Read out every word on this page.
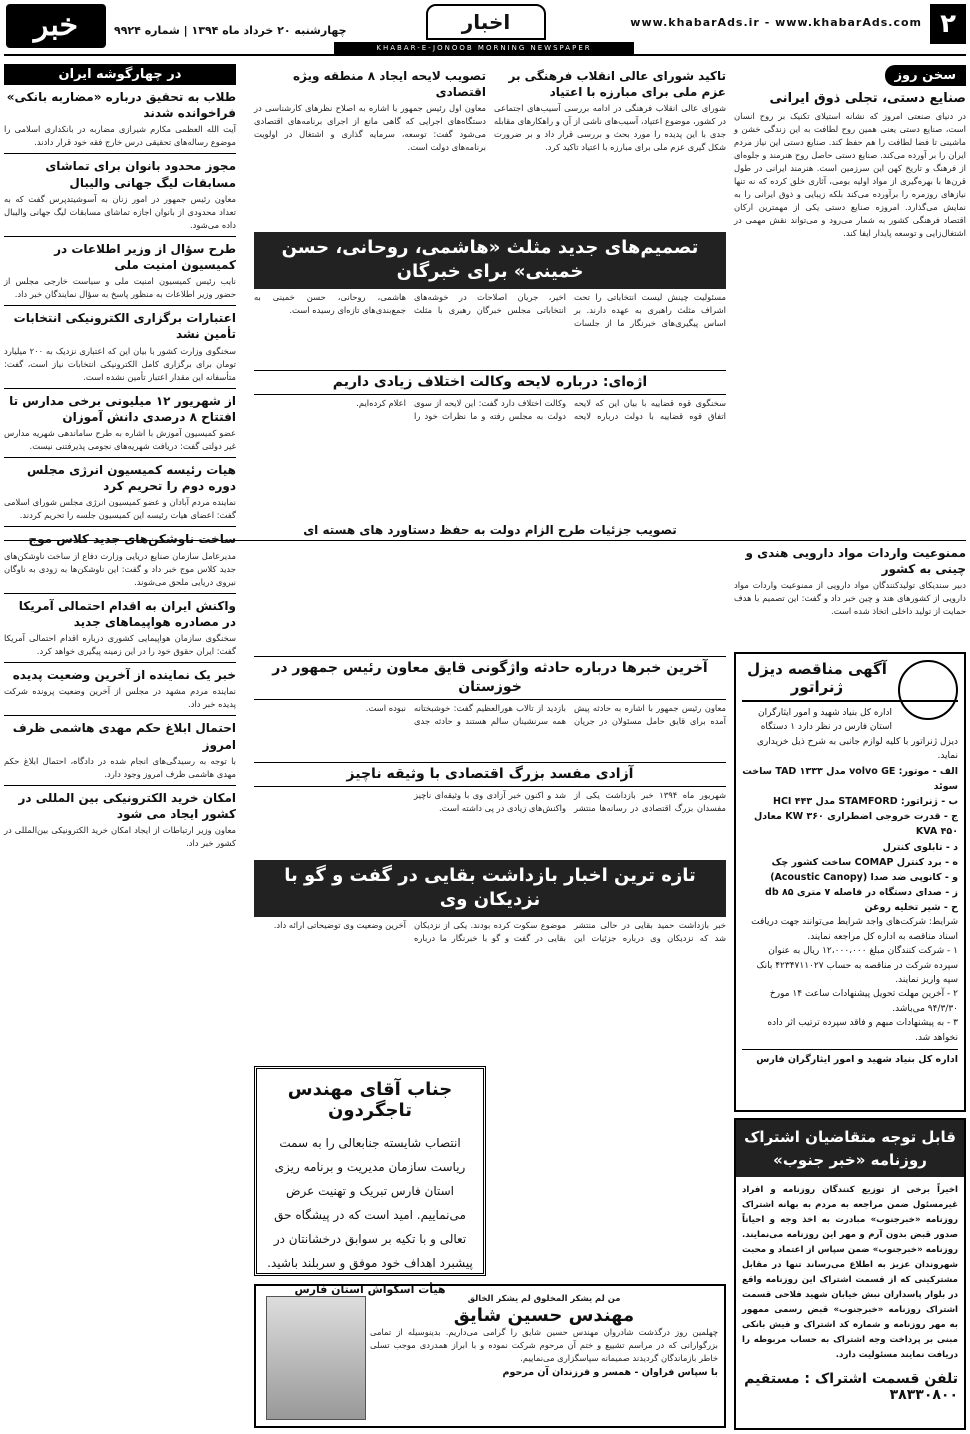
۲
www.khabarAds.ir - www.khabarAds.com
اخبار
KHABAR-E-JONOOB MORNING NEWSPAPER
چهارشنبه ۲۰ خرداد ماه ۱۳۹۴ | شماره ۹۹۲۴
خبر
سخن روز
صنایع دستی، تجلی ذوق ایرانی
در دنیای صنعتی امروز که نشانه استیلای تکنیک بر روح انسان است، صنایع دستی یعنی همین روح لطافت به این زندگی خشن و ماشینی تا فضا لطافت را هم حفظ کند. صنایع دستی این نیاز مردم ایران را بر آورده می‌کند. صنایع دستی حاصل روح هنرمند و جلوه‌ای از فرهنگ و تاریخ کهن این سرزمین است. هنرمند ایرانی در طول قرن‌ها با بهره‌گیری از مواد اولیه بومی، آثاری خلق کرده که نه تنها نیازهای روزمره را برآورده می‌کند بلکه زیبایی و ذوق ایرانی را به نمایش می‌گذارد. امروزه صنایع دستی یکی از مهمترین ارکان اقتصاد فرهنگی کشور به شمار می‌رود و می‌تواند نقش مهمی در اشتغال‌زایی و توسعه پایدار ایفا کند.
ممنوعیت واردات مواد دارویی هندی و چینی به کشور
دبیر سندیکای تولیدکنندگان مواد دارویی از ممنوعیت واردات مواد دارویی از کشورهای هند و چین خبر داد و گفت: این تصمیم با هدف حمایت از تولید داخلی اتخاذ شده است.
تاکید شورای عالی انقلاب فرهنگی بر عزم ملی برای مبارزه با اعتیاد
شورای عالی انقلاب فرهنگی در ادامه بررسی آسیب‌های اجتماعی در کشور، موضوع اعتیاد، آسیب‌های ناشی از آن و راهکارهای مقابله جدی با این پدیده را مورد بحث و بررسی قرار داد و بر ضرورت شکل گیری عزم ملی برای مبارزه با اعتیاد تاکید کرد.
تصویب لایحه ایجاد ۸ منطقه ویژه اقتصادی
معاون اول رئیس جمهور با اشاره به اصلاح نظرهای کارشناسی در دستگاه‌های اجرایی که گاهی مانع از اجرای برنامه‌های اقتصادی می‌شود گفت: توسعه، سرمایه گذاری و اشتغال در اولویت برنامه‌های دولت است.
تصمیم‌های جدید مثلث «هاشمی، روحانی، حسن خمینی» برای خبرگان
مسئولیت چینش لیست انتخاباتی را تحت اشراف مثلث راهبری به عهده دارند. بر اساس پیگیری‌های خبرنگار ما از جلسات اخیر، جریان اصلاحات در خوشه‌های انتخاباتی مجلس خبرگان رهبری با مثلث هاشمی، روحانی، حسن خمینی به جمع‌بندی‌های تازه‌ای رسیده است.
اژه‌ای: درباره لایحه وکالت اختلاف زیادی داریم
سخنگوی قوه قضاییه با بیان این که لایحه اتفاق قوه قضاییه با دولت درباره لایحه وکالت اختلاف دارد گفت: این لایحه از سوی دولت به مجلس رفته و ما نظرات خود را اعلام کرده‌ایم.
تصویب جزئیات طرح الزام دولت به حفظ دستاورد های هسته ای
در چهارگوشه ایران
طلاب به تحقیق درباره «مضاربه بانکی» فراخوانده شدند
آیت الله العظمی مکارم شیرازی مضاربه در بانکداری اسلامی را موضوع رساله‌های تحقیقی درس خارج فقه خود قرار دادند.
مجوز محدود بانوان برای تماشای مسابقات لیگ جهانی والیبال
معاون رئیس جمهور در امور زنان به آسوشیتدپرس گفت که به تعداد محدودی از بانوان اجازه تماشای مسابقات لیگ جهانی والیبال داده می‌شود.
طرح سؤال از وزیر اطلاعات در کمیسیون امنیت ملی
نایب رئیس کمیسیون امنیت ملی و سیاست خارجی مجلس از حضور وزیر اطلاعات به منظور پاسخ به سؤال نمایندگان خبر داد.
اعتبارات برگزاری الکترونیکی انتخابات تأمین نشد
سخنگوی وزارت کشور با بیان این که اعتباری نزدیک به ۲۰۰ میلیارد تومان برای برگزاری کامل الکترونیکی انتخابات نیاز است، گفت: متأسفانه این مقدار اعتبار تأمین نشده است.
از شهریور ۱۲ میلیونی برخی مدارس تا افتتاح ۸ درصدی دانش آموزان
عضو کمیسیون آموزش با اشاره به طرح ساماندهی شهریه مدارس غیر دولتی گفت: دریافت شهریه‌های نجومی پذیرفتنی نیست.
هیات رئیسه کمیسیون انرژی مجلس دوره دوم را تحریم کرد
نماینده مردم آبادان و عضو کمیسیون انرژی مجلس شورای اسلامی گفت: اعضای هیات رئیسه این کمیسیون جلسه را تحریم کردند.
ساخت ناوشکن‌های جدید کلاس موج
مدیرعامل سازمان صنایع دریایی وزارت دفاع از ساخت ناوشکن‌های جدید کلاس موج خبر داد و گفت: این ناوشکن‌ها به زودی به ناوگان نیروی دریایی ملحق می‌شوند.
واکنش ایران به اقدام احتمالی آمریکا در مصادره هواپیماهای جدید
سخنگوی سازمان هواپیمایی کشوری درباره اقدام احتمالی آمریکا گفت: ایران حقوق خود را در این زمینه پیگیری خواهد کرد.
خبر یک نماینده از آخرین وضعیت پدیده
نماینده مردم مشهد در مجلس از آخرین وضعیت پرونده شرکت پدیده خبر داد.
احتمال ابلاغ حکم مهدی هاشمی ظرف امروز
با توجه به رسیدگی‌های انجام شده در دادگاه، احتمال ابلاغ حکم مهدی هاشمی ظرف امروز وجود دارد.
امکان خرید الکترونیکی بین المللی در کشور ایجاد می شود
معاون وزیر ارتباطات از ایجاد امکان خرید الکترونیکی بین‌المللی در کشور خبر داد.
آخرین خبرها درباره حادثه واژگونی قایق معاون رئیس جمهور در خوزستان
معاون رئیس جمهور با اشاره به حادثه پیش آمده برای قایق حامل مسئولان در جریان بازدید از تالاب هورالعظیم گفت: خوشبختانه همه سرنشینان سالم هستند و حادثه جدی نبوده است.
آزادی مفسد بزرگ اقتصادی با وثیقه ناچیز
شهریور ماه ۱۳۹۴ خبر بازداشت یکی از مفسدان بزرگ اقتصادی در رسانه‌ها منتشر شد و اکنون خبر آزادی وی با وثیقه‌ای ناچیز واکنش‌های زیادی در پی داشته است.
تازه ترین اخبار بازداشت بقایی در گفت و گو با نزدیکان وی
خبر بازداشت حمید بقایی در حالی منتشر شد که نزدیکان وی درباره جزئیات این موضوع سکوت کرده بودند. یکی از نزدیکان بقایی در گفت و گو با خبرنگار ما درباره آخرین وضعیت وی توضیحاتی ارائه داد.
جناب آقای مهندس تاجگردون
انتصاب شایسته جنابعالی را به سمت ریاست سازمان مدیریت و برنامه ریزی استان فارس تبریک و تهنیت عرض می‌نماییم. امید است که در پیشگاه حق تعالی و با تکیه بر سوابق درخشانتان در پیشبرد اهداف خود موفق و سربلند باشید.
هیأت اسکواش استان فارس
من لم یشکر المخلوق لم یشکر الخالق
مهندس حسین شایق
چهلمین روز درگذشت شادروان مهندس حسین شایق را گرامی می‌داریم. بدینوسیله از تمامی بزرگوارانی که در مراسم تشییع و ختم آن مرحوم شرکت نموده و با ابراز همدردی موجب تسلی خاطر بازماندگان گردیدند صمیمانه سپاسگزاری می‌نماییم.
با سپاس فراوان - همسر و فرزندان آن مرحوم
آگهی مناقصه دیزل ژنراتور
اداره کل بنیاد شهید و امور ایثارگران استان فارس در نظر دارد ۱ دستگاه دیزل ژنراتور با کلیه لوازم جانبی به شرح ذیل خریداری نماید.
الف - موتور: volvo GE مدل ۱۳۳۳ TAD ساخت سوئد
ب - ژنراتور: STAMFORD مدل ۴۴۳ HCI
ج - قدرت خروجی اضطراری ۳۶۰ KW معادل ۴۵۰ KVA
د - تابلوی کنترل
ه - برد کنترل COMAP ساخت کشور چک
و - کانوپی ضد صدا (Acoustic Canopy)
ز - صدای دستگاه در فاصله ۷ متری db ۸۵
ح - شیر تخلیه روغن
شرایط: شرکت‌های واجد شرایط می‌توانند جهت دریافت اسناد مناقصه به اداره کل مراجعه نمایند.
۱ - شرکت کنندگان مبلغ ۱۲،۰۰۰،۰۰۰ ریال به عنوان سپرده شرکت در مناقصه به حساب ۴۲۳۴۷۱۱۰۲۷ بانک سپه واریز نمایند.
۲ - آخرین مهلت تحویل پیشنهادات ساعت ۱۴ مورخ ۹۴/۳/۳۰ می‌باشد.
۳ - به پیشنهادات مبهم و فاقد سپرده ترتیب اثر داده نخواهد شد.
اداره کل بنیاد شهید و امور ایثارگران فارس
قابل توجه متقاضیان اشتراک روزنامه «خبر جنوب»
اخیراً برخی از توزیع کنندگان روزنامه و افراد غیرمسئول ضمن مراجعه به مردم به بهانه اشتراک روزنامه «خبرجنوب» مبادرت به اخذ وجه و احیاناً صدور قبض بدون آرم و مهر این روزنامه می‌نمایند. روزنامه «خبرجنوب» ضمن سپاس از اعتماد و محبت شهروندان عزیز به اطلاع می‌رساند تنها در مقابل مشترکینی که از قسمت اشتراک این روزنامه واقع در بلوار پاسداران نبش خیابان شهید فلاحی قسمت اشتراک روزنامه «خبرجنوب» قبض رسمی ممهور به مهر روزنامه و شماره کد اشتراک و فیش بانکی مبنی بر پرداخت وجه اشتراک به حساب مربوطه را دریافت نمایند مسئولیت دارد.
تلفن قسمت اشتراک : مستقیم ۳۸۳۳۰۸۰۰
